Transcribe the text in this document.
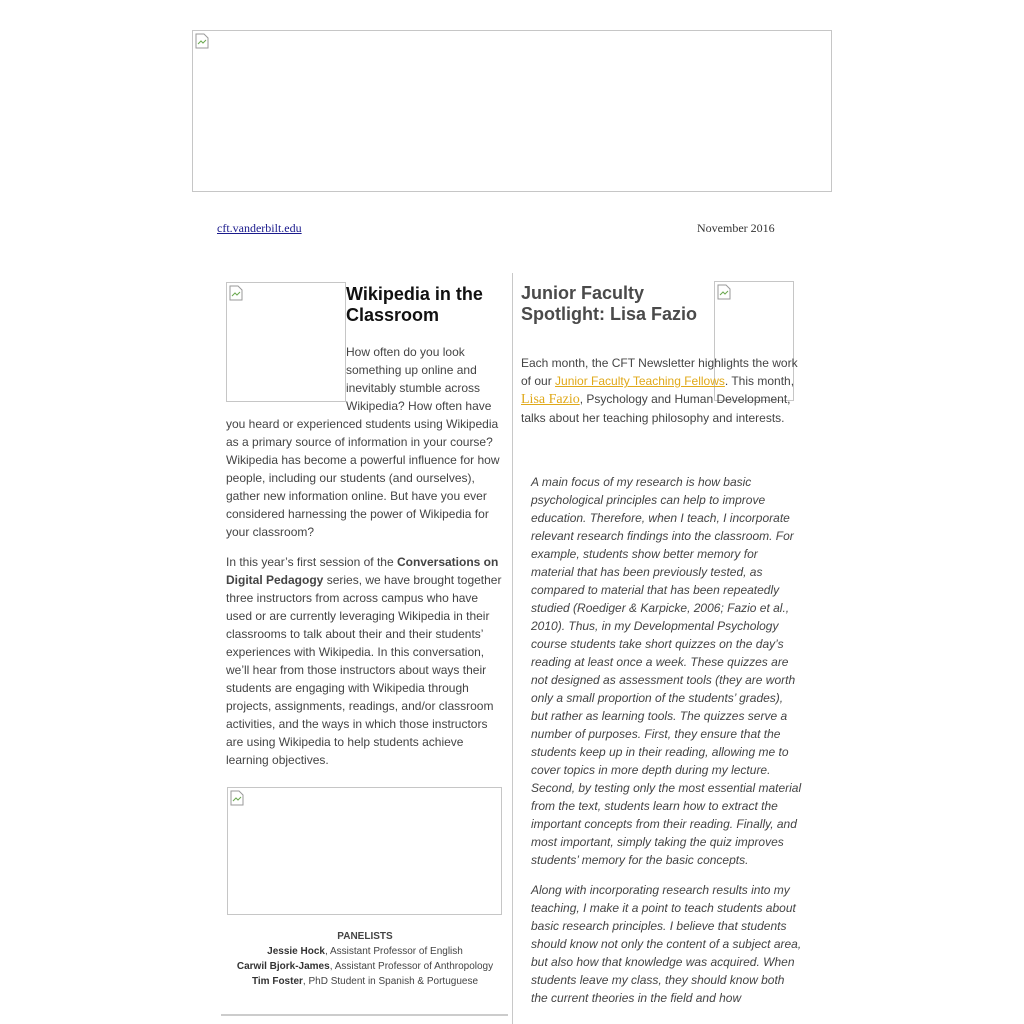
cft.vanderbilt.edu	November 2016
Wikipedia in the Classroom

How often do you look something up online and inevitably stumble across Wikipedia? How often have you heard or experienced students using Wikipedia as a primary source of information in your course? Wikipedia has become a powerful influence for how people, including our students (and ourselves), gather new information online. But have you ever considered harnessing the power of Wikipedia for your classroom?

In this year’s first session of the Conversations on Digital Pedagogy series, we have brought together three instructors from across campus who have used or are currently leveraging Wikipedia in their classrooms to talk about their and their students’ experiences with Wikipedia. In this conversation, we’ll hear from those instructors about ways their students are engaging with Wikipedia through projects, assignments, readings, and/or classroom activities, and the ways in which those instructors are using Wikipedia to help students achieve learning objectives.

PANELISTS
Jessie Hock, Assistant Professor of English
Carwil Bjork-James, Assistant Professor of Anthropology
Tim Foster, PhD Student in Spanish & Portuguese
Junior Faculty Spotlight: Lisa Fazio

Each month, the CFT Newsletter highlights the work of our Junior Faculty Teaching Fellows. This month, Lisa Fazio, Psychology and Human Development, talks about her teaching philosophy and interests.

A main focus of my research is how basic psychological principles can help to improve education. Therefore, when I teach, I incorporate relevant research findings into the classroom. For example, students show better memory for material that has been previously tested, as compared to material that has been repeatedly studied (Roediger & Karpicke, 2006; Fazio et al., 2010). Thus, in my Developmental Psychology course students take short quizzes on the day’s reading at least once a week. These quizzes are not designed as assessment tools (they are worth only a small proportion of the students’ grades), but rather as learning tools. The quizzes serve a number of purposes. First, they ensure that the students keep up in their reading, allowing me to cover topics in more depth during my lecture. Second, by testing only the most essential material from the text, students learn how to extract the important concepts from their reading. Finally, and most important, simply taking the quiz improves students’ memory for the basic concepts.

Along with incorporating research results into my teaching, I make it a point to teach students about basic research principles. I believe that students should know not only the content of a subject area, but also how that knowledge was acquired. When students leave my class, they should know both the current theories in the field and how
